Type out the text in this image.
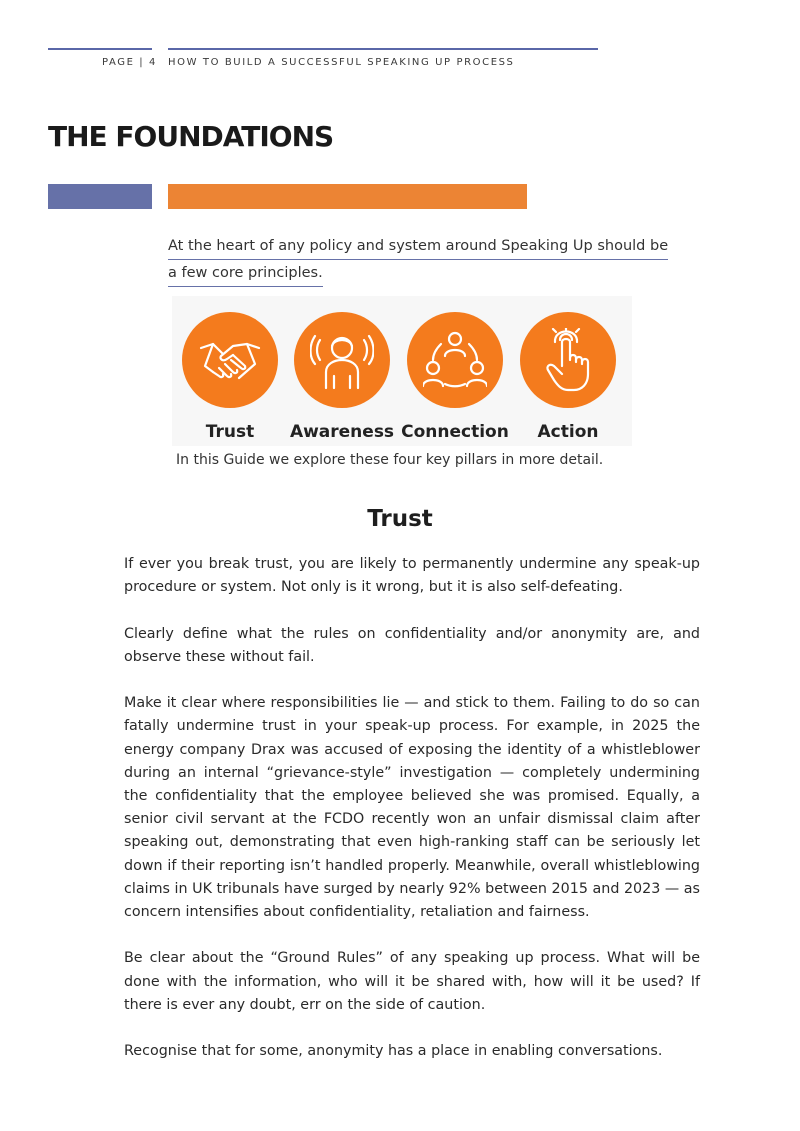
PAGE | 4 HOW TO BUILD A SUCCESSFUL SPEAKING UP PROCESS
THE FOUNDATIONS
At the heart of any policy and system around Speaking Up should be
a few core principles.
Trust	Awareness Connection	Action
In this Guide we explore these four key pillars in more detail.
Trust

If ever you break trust, you are likely to permanently undermine any speak-up procedure or system. Not only is it wrong, but it is also self-defeating.

Clearly define what the rules on confidentiality and/or anonymity are, and observe these without fail.

Make it clear where responsibilities lie — and stick to them. Failing to do so can fatally undermine trust in your speak-up process. For example, in 2025 the energy company Drax was accused of exposing the identity of a whistleblower during an internal “grievance-style” investigation — completely undermining the confidentiality that the employee believed she was promised. Equally, a senior civil servant at the FCDO recently won an unfair dismissal claim after speaking out, demonstrating that even high-ranking staff can be seriously let down if their reporting isn’t handled properly. Meanwhile, overall whistleblowing claims in UK tribunals have surged by nearly 92% between 2015 and 2023 — as concern intensifies about confidentiality, retaliation and fairness.

Be clear about the “Ground Rules” of any speaking up process. What will be done with the information, who will it be shared with, how will it be used? If there is ever any doubt, err on the side of caution.

Recognise that for some, anonymity has a place in enabling conversations.
